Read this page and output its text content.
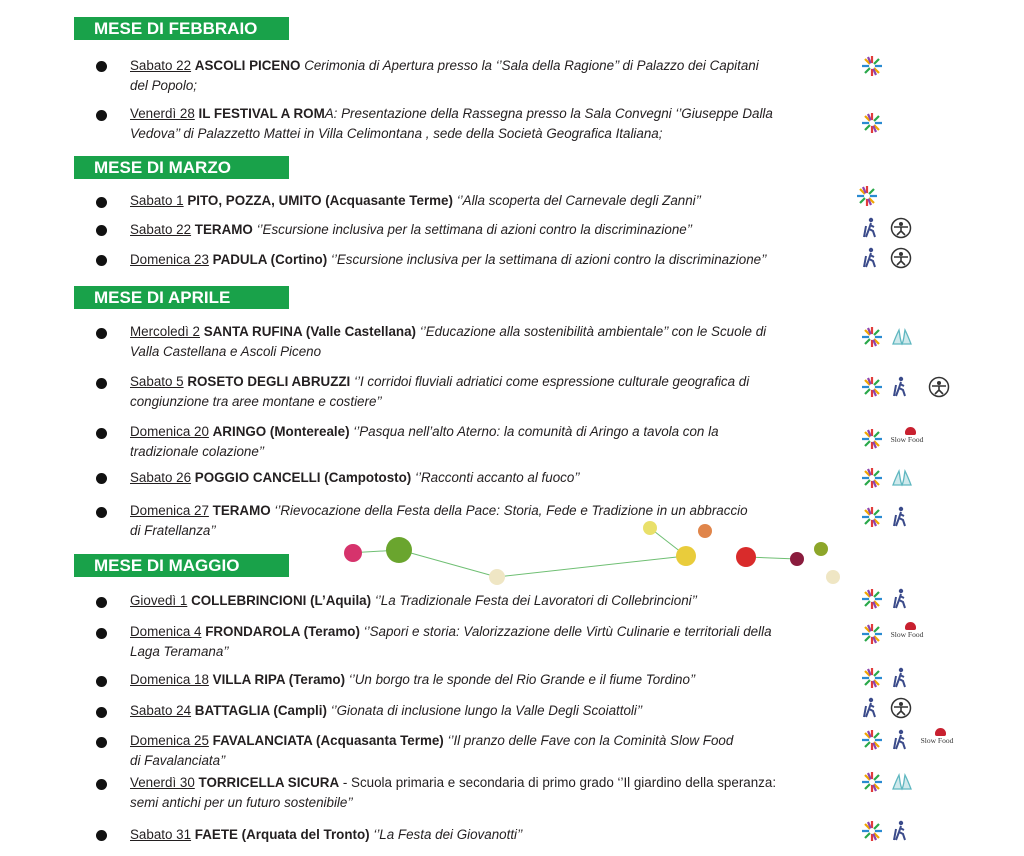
MESE DI FEBBRAIO
Sabato 22 ASCOLI PICENO Cerimonia di Apertura presso la ‘’Sala della Ragione’’ di Palazzo dei Capitani
del Popolo;
Venerdì 28 IL FESTIVAL A ROMA: Presentazione della Rassegna presso la Sala Convegni ‘’Giuseppe Dalla
Vedova’’ di Palazzetto Mattei in Villa Celimontana , sede della Società Geografica Italiana;
MESE DI MARZO
Sabato 1 PITO, POZZA, UMITO (Acquasante Terme) ‘’Alla scoperta del Carnevale degli Zanni’’
Sabato 22 TERAMO ‘’Escursione inclusiva per la settimana di azioni contro la discriminazione’’
Domenica 23 PADULA (Cortino) ‘’Escursione inclusiva per la settimana di azioni contro la discriminazione’’
MESE DI APRILE
Mercoledì 2 SANTA RUFINA (Valle Castellana) ‘’Educazione alla sostenibilità ambientale’’ con le Scuole di
Valla Castellana e Ascoli Piceno
Sabato 5 ROSETO DEGLI ABRUZZI ‘’I corridoi fluviali adriatici come espressione culturale geografica di
congiunzione tra aree montane e costiere’’
Domenica 20 ARINGO (Montereale) ‘’Pasqua nell’alto Aterno: la comunità di Aringo a tavola con la
tradizionale colazione’’
Slow Food
Sabato 26 POGGIO CANCELLI (Campotosto) ‘’Racconti accanto al fuoco’’
Domenica 27 TERAMO ‘’Rievocazione della Festa della Pace: Storia, Fede e Tradizione in un abbraccio
di Fratellanza’’
MESE DI MAGGIO
Giovedì 1 COLLEBRINCIONI (L’Aquila) ‘’La Tradizionale Festa dei Lavoratori di Collebrincioni’’
Domenica 4 FRONDAROLA (Teramo) ‘’Sapori e storia: Valorizzazione delle Virtù Culinarie e territoriali della
Laga Teramana’’
Slow Food
Domenica 18 VILLA RIPA (Teramo) ‘’Un borgo tra le sponde del Rio Grande e il fiume Tordino’’
Sabato 24 BATTAGLIA (Campli) ‘’Gionata di inclusione lungo la Valle Degli Scoiattoli’’
Domenica 25 FAVALANCIATA (Acquasanta Terme) ‘’Il pranzo delle Fave con la Cominità Slow Food
di Favalanciata’’
Slow Food
Venerdì 30 TORRICELLA SICURA - Scuola primaria e secondaria di primo grado ‘’Il giardino della speranza:
semi antichi per un futuro sostenibile’’
Sabato 31 FAETE (Arquata del Tronto) ‘’La Festa dei Giovanotti’’
